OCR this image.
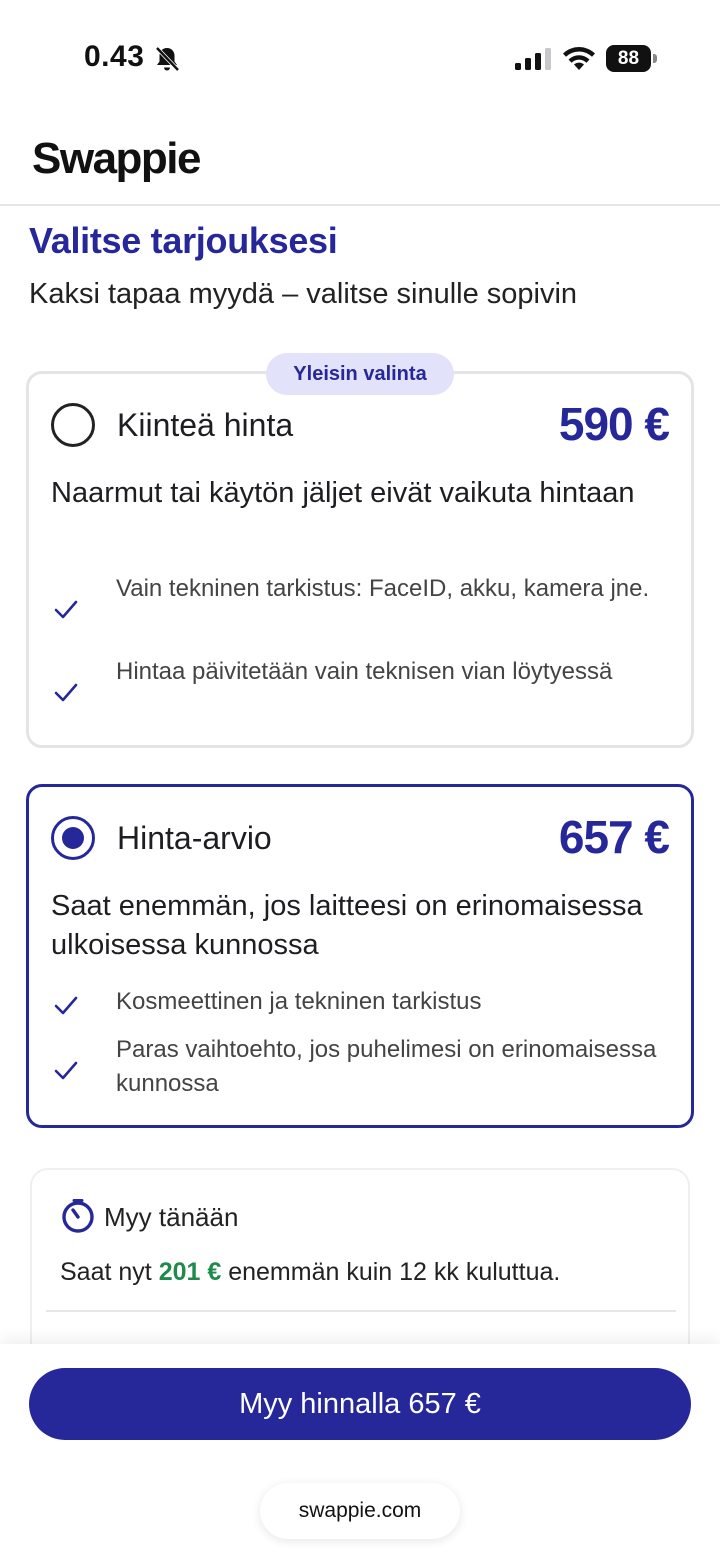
0.43	88
Swappie
Valitse tarjouksesi

Kaksi tapaa myydä – valitse sinulle sopivin

Kiinteä hinta	590 €

Naarmut tai käytön jäljet eivät vaikuta hintaan

Vain tekninen tarkistus: FaceID, akku, kamera jne.
Hintaa päivitetään vain teknisen vian löytyessä
Yleisin valinta
Hinta-arvio	657 €

Saat enemmän, jos laitteesi on erinomaisessa ulkoisessa kunnossa

Kosmeettinen ja tekninen tarkistus
Paras vaihtoehto, jos puhelimesi on erinomaisessa kunnossa
Myy tänään

Saat nyt 201 € enemmän kuin 12 kk kuluttua.

Myy hinnalla 657 €
swappie.com
